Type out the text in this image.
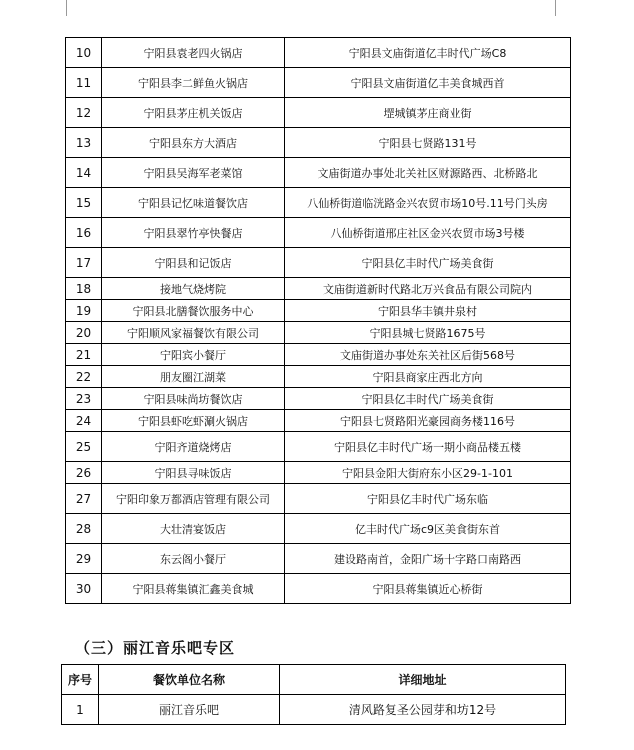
10	宁阳县袁老四火锅店	宁阳县文庙街道亿丰时代广场C8
11	宁阳县李二鲜鱼火锅店	宁阳县文庙街道亿丰美食城西首
12	宁阳县茅庄机关饭店	堽城镇茅庄商业街
13	宁阳县东方大酒店	宁阳县七贤路131号
14	宁阳县吴海军老菜馆	文庙街道办事处北关社区财源路西、北桥路北
15	宁阳县记忆味道餐饮店	八仙桥街道临洸路金兴农贸市场10号.11号门头房
16	宁阳县翠竹亭快餐店	八仙桥街道邢庄社区金兴农贸市场3号楼
17	宁阳县和记饭店	宁阳县亿丰时代广场美食街
18	接地气烧烤院	文庙街道新时代路北万兴食品有限公司院内
19	宁阳县北膳餐饮服务中心	宁阳县华丰镇井泉村
20	宁阳顺风家福餐饮有限公司	宁阳县城七贤路1675号
21	宁阳宾小餐厅	文庙街道办事处东关社区后街568号
22	朋友圈江湖菜	宁阳县商家庄西北方向
23	宁阳县味尚坊餐饮店	宁阳县亿丰时代广场美食街
24	宁阳县虾吃虾涮火锅店	宁阳县七贤路阳光豪园商务楼116号
25	宁阳齐道烧烤店	宁阳县亿丰时代广场一期小商品楼五楼
26	宁阳县寻味饭店	宁阳县金阳大街府东小区29-1-101
27	宁阳印象万都酒店管理有限公司	宁阳县亿丰时代广场东临
28	大壮清宴饭店	亿丰时代广场c9区美食街东首
29	东云阁小餐厅	建设路南首，金阳广场十字路口南路西
30	宁阳县蒋集镇汇鑫美食城	宁阳县蒋集镇近心桥街
（三）丽江音乐吧专区
序号	餐饮单位名称	详细地址
1	丽江音乐吧	清风路复圣公园芽和坊12号
